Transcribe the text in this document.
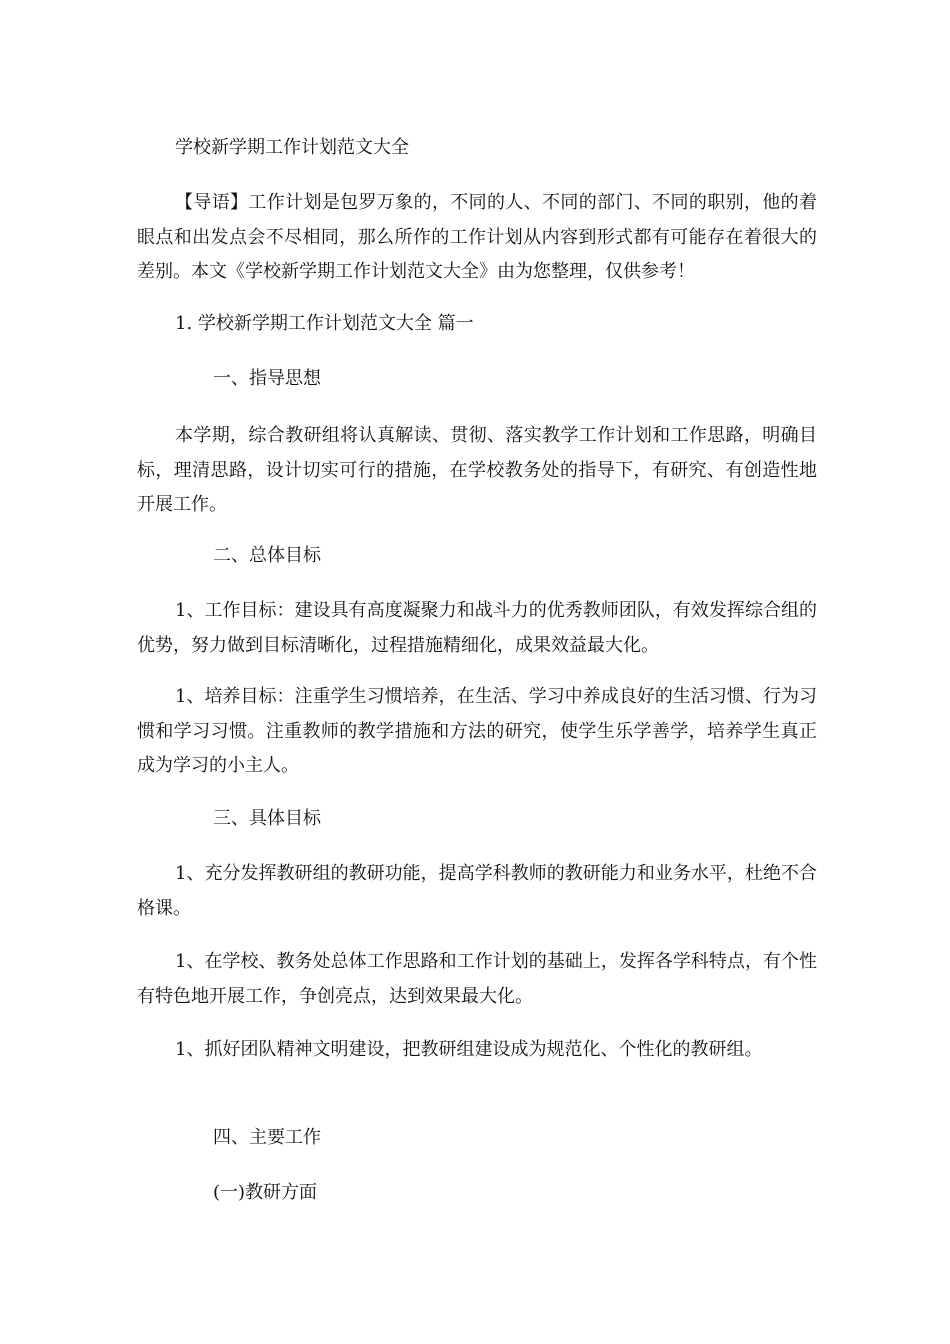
学校新学期工作计划范文大全

【导语】工作计划是包罗万象的，不同的人、不同的部门、不同的职别，他的着眼点和出发点会不尽相同，那么所作的工作计划从内容到形式都有可能存在着很大的差别。本文《学校新学期工作计划范文大全》由为您整理，仅供参考！

1. 学校新学期工作计划范文大全 篇一

一、指导思想

本学期，综合教研组将认真解读、贯彻、落实教学工作计划和工作思路，明确目标，理清思路，设计切实可行的措施，在学校教务处的指导下，有研究、有创造性地开展工作。

二、总体目标

1、工作目标：建设具有高度凝聚力和战斗力的优秀教师团队，有效发挥综合组的优势，努力做到目标清晰化，过程措施精细化，成果效益最大化。

1、培养目标：注重学生习惯培养，在生活、学习中养成良好的生活习惯、行为习惯和学习习惯。注重教师的教学措施和方法的研究，使学生乐学善学，培养学生真正成为学习的小主人。

三、具体目标

1、充分发挥教研组的教研功能，提高学科教师的教研能力和业务水平，杜绝不合格课。

1、在学校、教务处总体工作思路和工作计划的基础上，发挥各学科特点，有个性有特色地开展工作，争创亮点，达到效果最大化。

1、抓好团队精神文明建设，把教研组建设成为规范化、个性化的教研组。

四、主要工作

(一)教研方面
